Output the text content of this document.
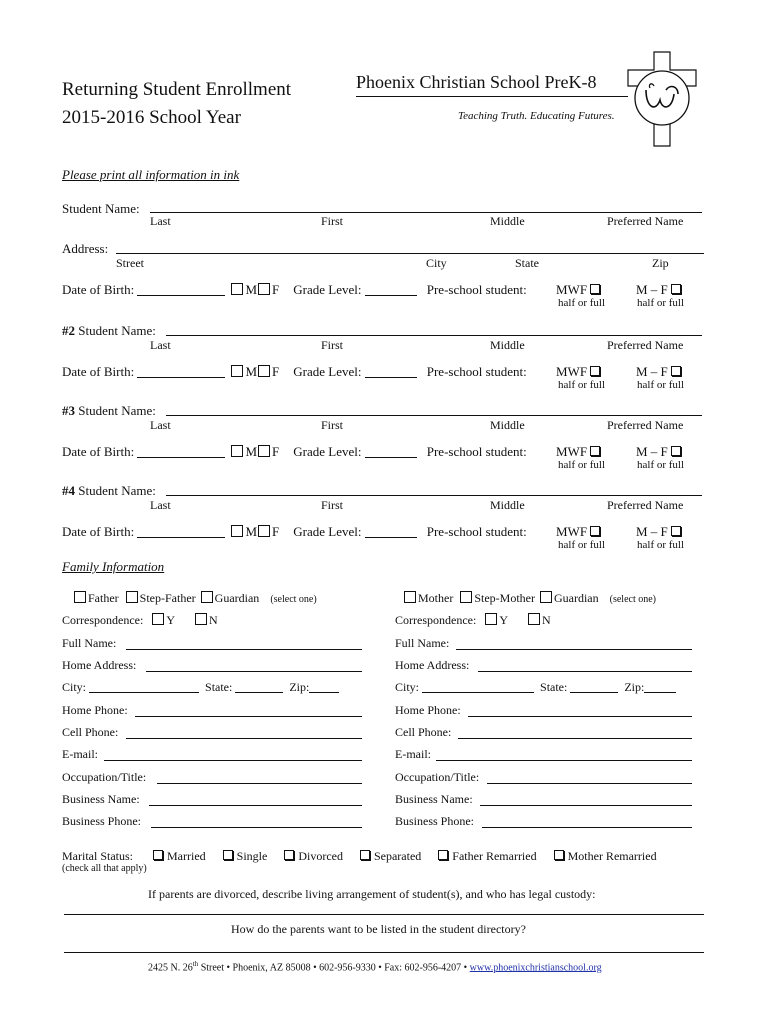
Returning Student Enrollment
2015-2016 School Year
Phoenix Christian School PreK-8
Teaching Truth. Educating Futures.
Please print all information in ink
Student Name:
Last	First	Middle	Preferred Name
Address:
Street	City	State	Zip
Date of Birth:	M F Grade Level:	Pre-school student: MWF	M – F
half or full	half or full
#2 Student Name:
Last	First	Middle	Preferred Name
Date of Birth:	M F Grade Level:	Pre-school student: MWF	M – F
half or full	half or full
#3 Student Name:
Last	First	Middle	Preferred Name
Date of Birth:	M F Grade Level:	Pre-school student: MWF	M – F
half or full	half or full
#4 Student Name:
Last	First	Middle	Preferred Name
Date of Birth:	M F Grade Level:	Pre-school student: MWF	M – F
half or full	half or full
Family Information
Father Step-Father Guardian (select one)	Mother Step-Mother Guardian (select one)
Correspondence: Y	N	Correspondence: Y	N
Full Name:
Home Address:
City:	State:	Zip:
Home Phone:
Cell Phone:
E-mail:
Occupation/Title:
Business Name:
Business Phone:
Full Name:
Home Address:
City:	State:	Zip:
Home Phone:
Cell Phone:
E-mail:
Occupation/Title:
Business Name:
Business Phone:
Marital Status:
(check all that apply)
Married	Single	Divorced	Separated	Father Remarried	Mother Remarried
If parents are divorced, describe living arrangement of student(s), and who has legal custody:
How do the parents want to be listed in the student directory?
2425 N. 26th Street • Phoenix, AZ 85008 • 602-956-9330 • Fax: 602-956-4207 • www.phoenixchristianschool.org
